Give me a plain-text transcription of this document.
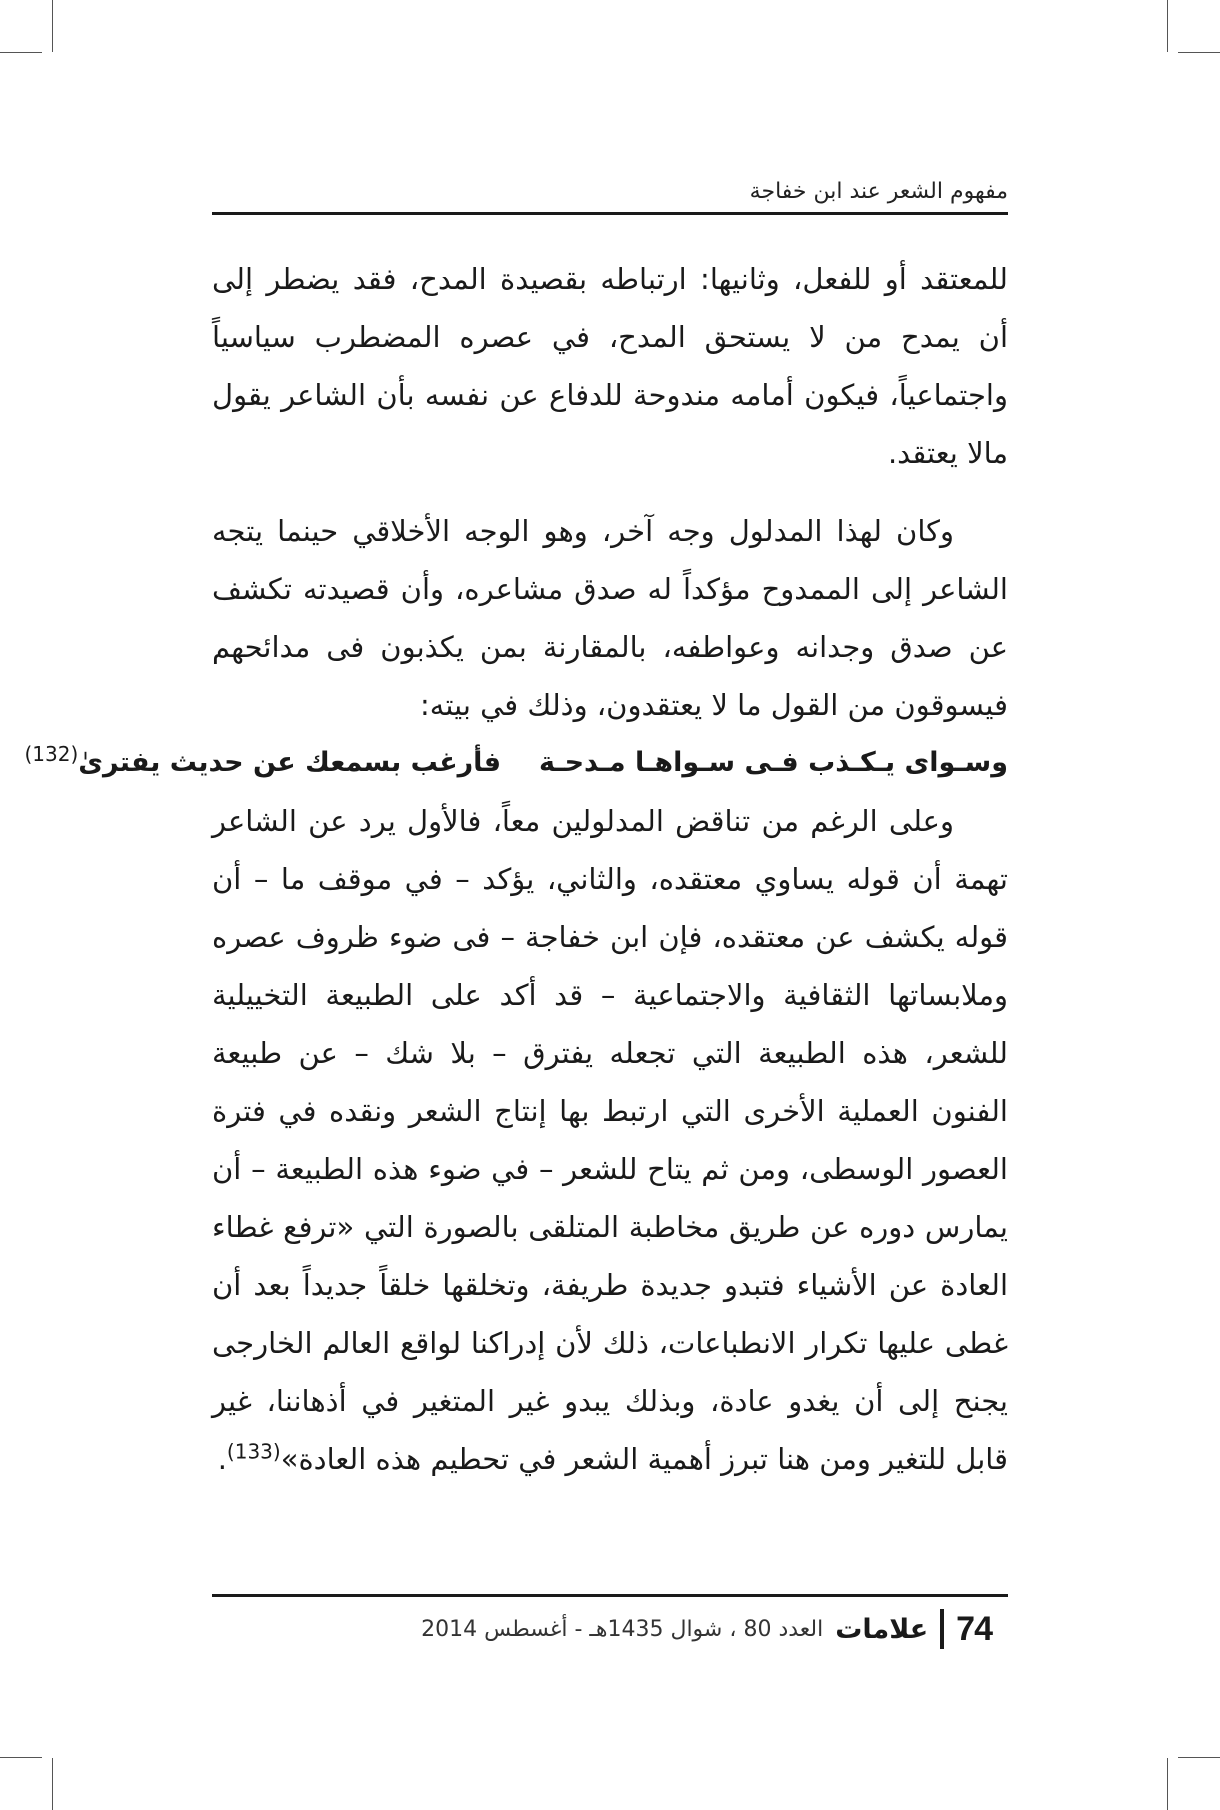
مفهوم الشعر عند ابن خفاجة

للمعتقد أو للفعل، وثانيها: ارتباطه بقصيدة المدح، فقد يضطر إلى أن يمدح من لا يستحق المدح، في عصره المضطرب سياسياً واجتماعياً، فيكون أمامه مندوحة للدفاع عن نفسه بأن الشاعر يقول مالا يعتقد.

وكان لهذا المدلول وجه آخر، وهو الوجه الأخلاقي حينما يتجه الشاعر إلى الممدوح مؤكداً له صدق مشاعره، وأن قصيدته تكشف عن صدق وجدانه وعواطفه، بالمقارنة بمن يكذبون فى مدائحهم فيسوقون من القول ما لا يعتقدون، وذلك في بيته:

وسـواى يـكـذب فـى سـواهـا مـدحـة
فأرغب بسمعك عن حديث يفترىٰ$^{(132)}$

وعلى الرغم من تناقض المدلولين معاً، فالأول يرد عن الشاعر تهمة أن قوله يساوي معتقده، والثاني، يؤكد – في موقف ما – أن قوله يكشف عن معتقده، فإن ابن خفاجة – فى ضوء ظروف عصره وملابساتها الثقافية والاجتماعية – قد أكد على الطبيعة التخييلية للشعر، هذه الطبيعة التي تجعله يفترق – بلا شك – عن طبيعة الفنون العملية الأخرى التي ارتبط بها إنتاج الشعر ونقده في فترة العصور الوسطى، ومن ثم يتاح للشعر – في ضوء هذه الطبيعة – أن يمارس دوره عن طريق مخاطبة المتلقى بالصورة التي «ترفع غطاء العادة عن الأشياء فتبدو جديدة طريفة، وتخلقها خلقاً جديداً بعد أن غطى عليها تكرار الانطباعات، ذلك لأن إدراكنا لواقع العالم الخارجى يجنح إلى أن يغدو عادة، وبذلك يبدو غير المتغير في أذهاننا، غير قابل للتغير ومن هنا تبرز أهمية الشعر في تحطيم هذه العادة»$^{(133)}$.

74
علامات
العدد 80 ، شوال 1435هـ - أغسطس 2014
